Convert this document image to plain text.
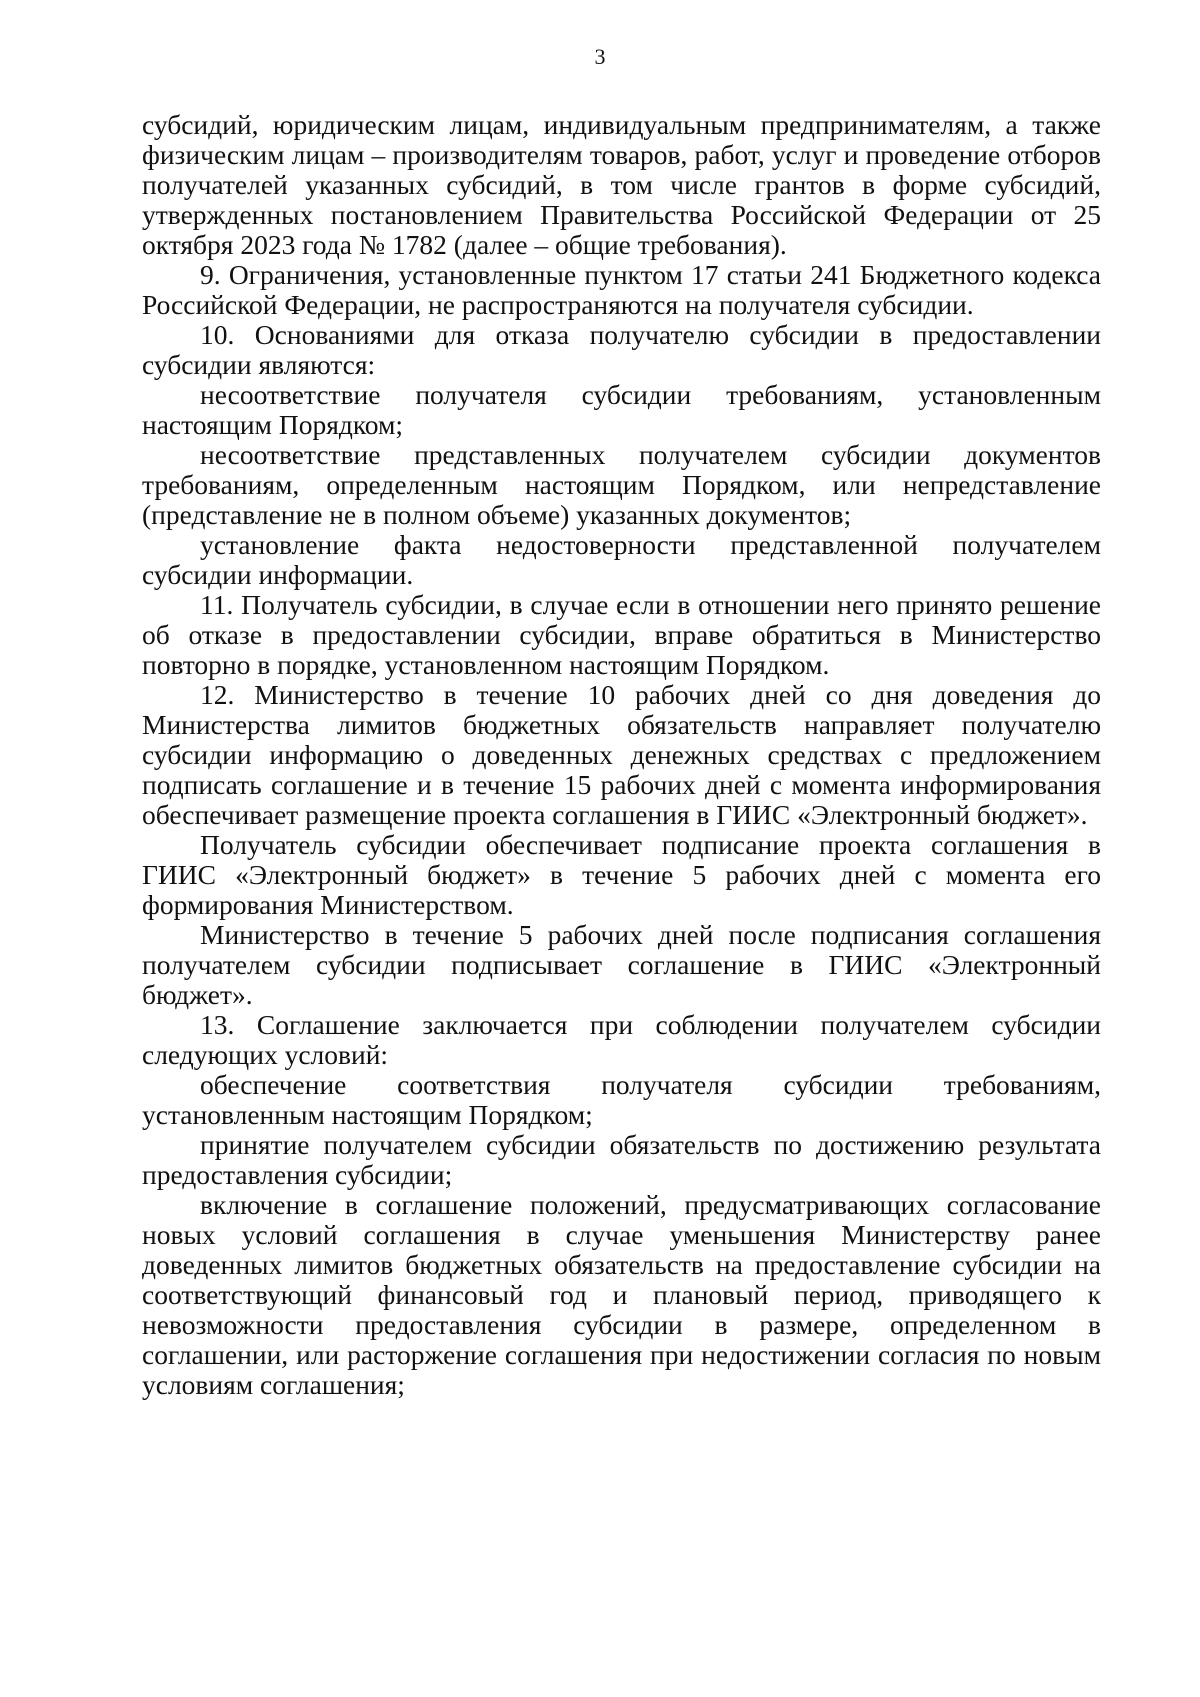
3

субсидий, юридическим лицам, индивидуальным предпринимателям, а также физическим лицам – производителям товаров, работ, услуг и проведение отборов получателей указанных субсидий, в том числе грантов в форме субсидий, утвержденных постановлением Правительства Российской Федерации от 25 октября 2023 года № 1782 (далее – общие требования).

9. Ограничения, установленные пунктом 17 статьи 241 Бюджетного кодекса Российской Федерации, не распространяются на получателя субсидии.

10. Основаниями для отказа получателю субсидии в предоставлении субсидии являются:

несоответствие получателя субсидии требованиям, установленным настоящим Порядком;

несоответствие представленных получателем субсидии документов требованиям, определенным настоящим Порядком, или непредставление (представление не в полном объеме) указанных документов;

установление факта недостоверности представленной получателем субсидии информации.

11. Получатель субсидии, в случае если в отношении него принято решение об отказе в предоставлении субсидии, вправе обратиться в Министерство повторно в порядке, установленном настоящим Порядком.

12. Министерство в течение 10 рабочих дней со дня доведения до Министерства лимитов бюджетных обязательств направляет получателю субсидии информацию о доведенных денежных средствах с предложением подписать соглашение и в течение 15 рабочих дней с момента информирования обеспечивает размещение проекта соглашения в ГИИС «Электронный бюджет».

Получатель субсидии обеспечивает подписание проекта соглашения в ГИИС «Электронный бюджет» в течение 5 рабочих дней с момента его формирования Министерством.

Министерство в течение 5 рабочих дней после подписания соглашения получателем субсидии подписывает соглашение в ГИИС «Электронный бюджет».

13. Соглашение заключается при соблюдении получателем субсидии следующих условий:

обеспечение соответствия получателя субсидии требованиям, установленным настоящим Порядком;

принятие получателем субсидии обязательств по достижению результата предоставления субсидии;

включение в соглашение положений, предусматривающих согласование новых условий соглашения в случае уменьшения Министерству ранее доведенных лимитов бюджетных обязательств на предоставление субсидии на соответствующий финансовый год и плановый период, приводящего к невозможности предоставления субсидии в размере, определенном в соглашении, или расторжение соглашения при недостижении согласия по новым условиям соглашения;
